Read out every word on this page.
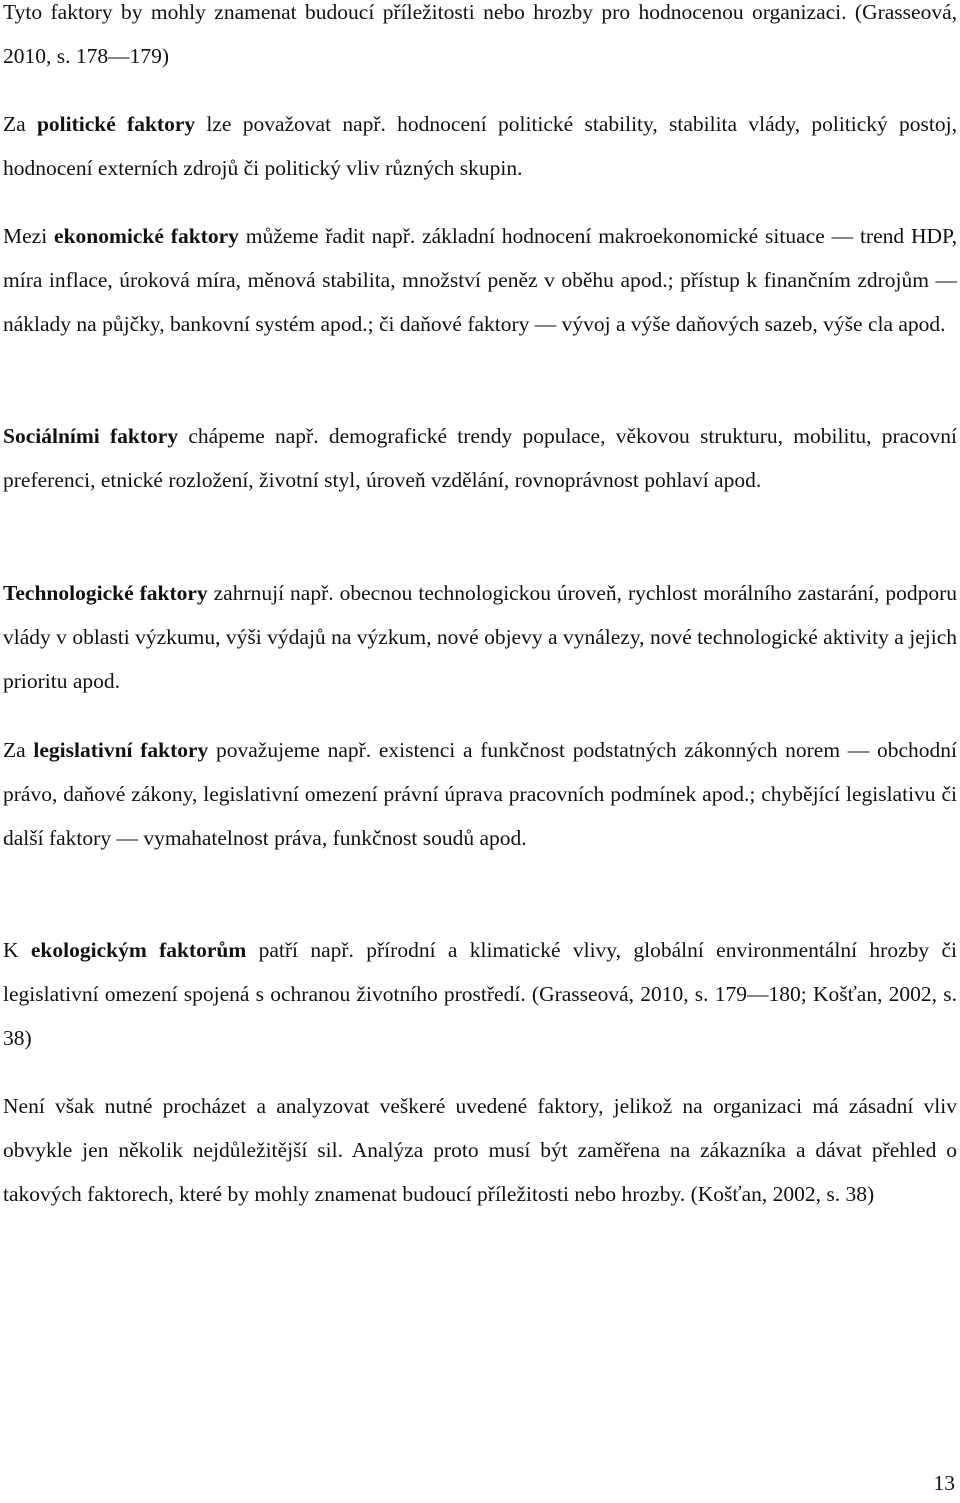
Tyto faktory by mohly znamenat budoucí příležitosti nebo hrozby pro hodnocenou organizaci. (Grasseová, 2010, s. 178—179)

Za politické faktory lze považovat např. hodnocení politické stability, stabilita vlády, politický postoj, hodnocení externích zdrojů či politický vliv různých skupin.

Mezi ekonomické faktory můžeme řadit např. základní hodnocení makroekonomické situace — trend HDP, míra inflace, úroková míra, měnová stabilita, množství peněz v oběhu apod.; přístup k finančním zdrojům — náklady na půjčky, bankovní systém apod.; či daňové faktory — vývoj a výše daňových sazeb, výše cla apod.

Sociálními faktory chápeme např. demografické trendy populace, věkovou strukturu, mobilitu, pracovní preferenci, etnické rozložení, životní styl, úroveň vzdělání, rovnoprávnost pohlaví apod.

Technologické faktory zahrnují např. obecnou technologickou úroveň, rychlost morálního zastarání, podporu vlády v oblasti výzkumu, výši výdajů na výzkum, nové objevy a vynálezy, nové technologické aktivity a jejich prioritu apod.

Za legislativní faktory považujeme např. existenci a funkčnost podstatných zákonných norem — obchodní právo, daňové zákony, legislativní omezení právní úprava pracovních podmínek apod.; chybějící legislativu či další faktory — vymahatelnost práva, funkčnost soudů apod.

K ekologickým faktorům patří např. přírodní a klimatické vlivy, globální environmentální hrozby či legislativní omezení spojená s ochranou životního prostředí. (Grasseová, 2010, s. 179—180; Košťan, 2002, s. 38)

Není však nutné procházet a analyzovat veškeré uvedené faktory, jelikož na organizaci má zásadní vliv obvykle jen několik nejdůležitější sil. Analýza proto musí být zaměřena na zákazníka a dávat přehled o takových faktorech, které by mohly znamenat budoucí příležitosti nebo hrozby. (Košťan, 2002, s. 38)

13
